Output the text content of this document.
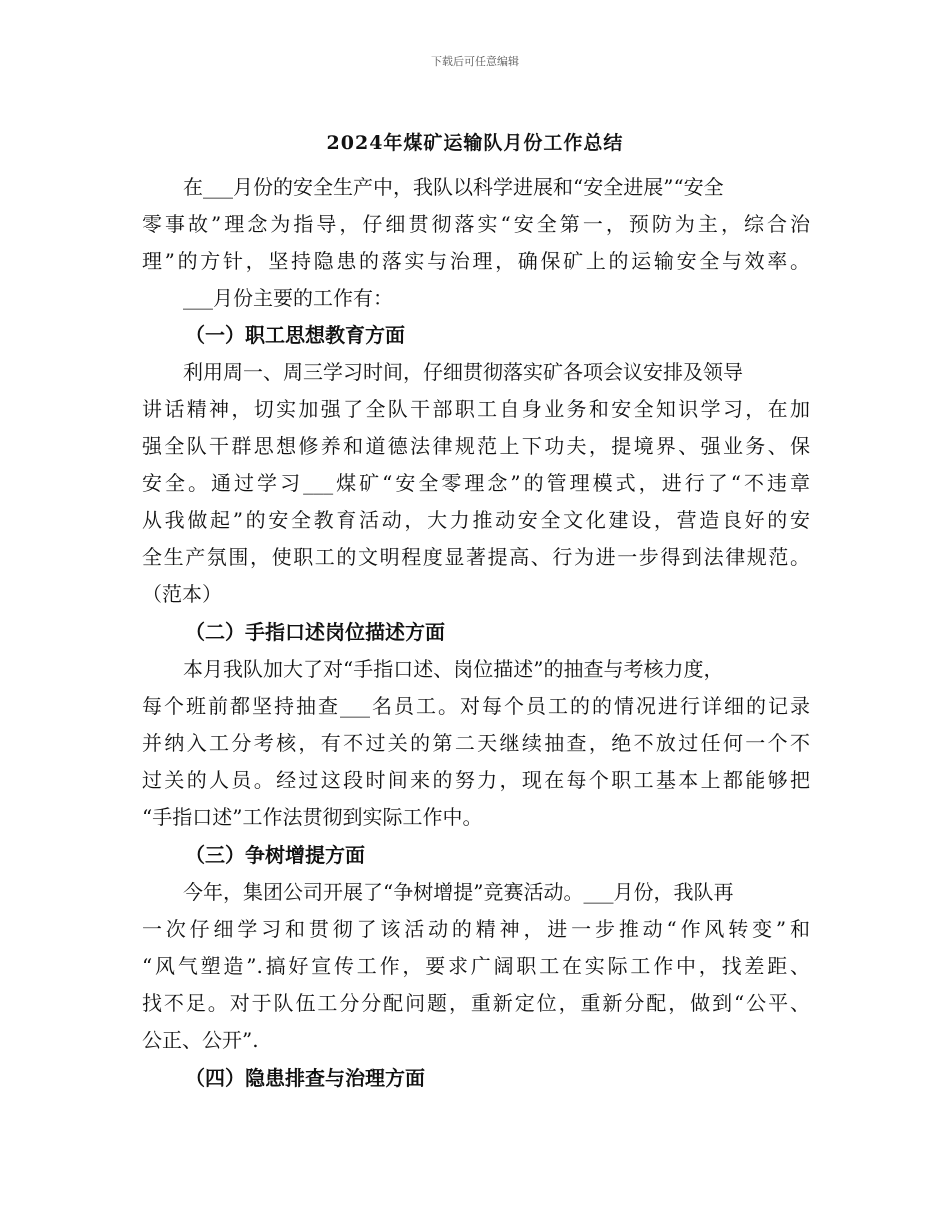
下载后可任意编辑
2024年煤矿运输队月份工作总结
在___月份的安全生产中，我队以科学进展和“安全进展”“安全
零事故”理念为指导，仔细贯彻落实“安全第一，预防为主，综合治
理”的方针，坚持隐患的落实与治理，确保矿上的运输安全与效率。
___月份主要的工作有：
（一）职工思想教育方面
利用周一、周三学习时间，仔细贯彻落实矿各项会议安排及领导
讲话精神，切实加强了全队干部职工自身业务和安全知识学习，在加
强全队干群思想修养和道德法律规范上下功夫，提境界、强业务、保
安全。通过学习___煤矿“安全零理念”的管理模式，进行了“不违章
从我做起”的安全教育活动，大力推动安全文化建设，营造良好的安
全生产氛围，使职工的文明程度显著提高、行为进一步得到法律规范。
（范本）
（二）手指口述岗位描述方面
本月我队加大了对“手指口述、岗位描述”的抽查与考核力度，
每个班前都坚持抽查___名员工。对每个员工的的情况进行详细的记录
并纳入工分考核，有不过关的第二天继续抽查，绝不放过任何一个不
过关的人员。经过这段时间来的努力，现在每个职工基本上都能够把
“手指口述”工作法贯彻到实际工作中。
（三）争树增提方面
今年，集团公司开展了“争树增提”竞赛活动。___月份，我队再
一次仔细学习和贯彻了该活动的精神，进一步推动“作风转变”和
“风气塑造”.搞好宣传工作，要求广阔职工在实际工作中，找差距、
找不足。对于队伍工分分配问题，重新定位，重新分配，做到“公平、
公正、公开”.
（四）隐患排查与治理方面
